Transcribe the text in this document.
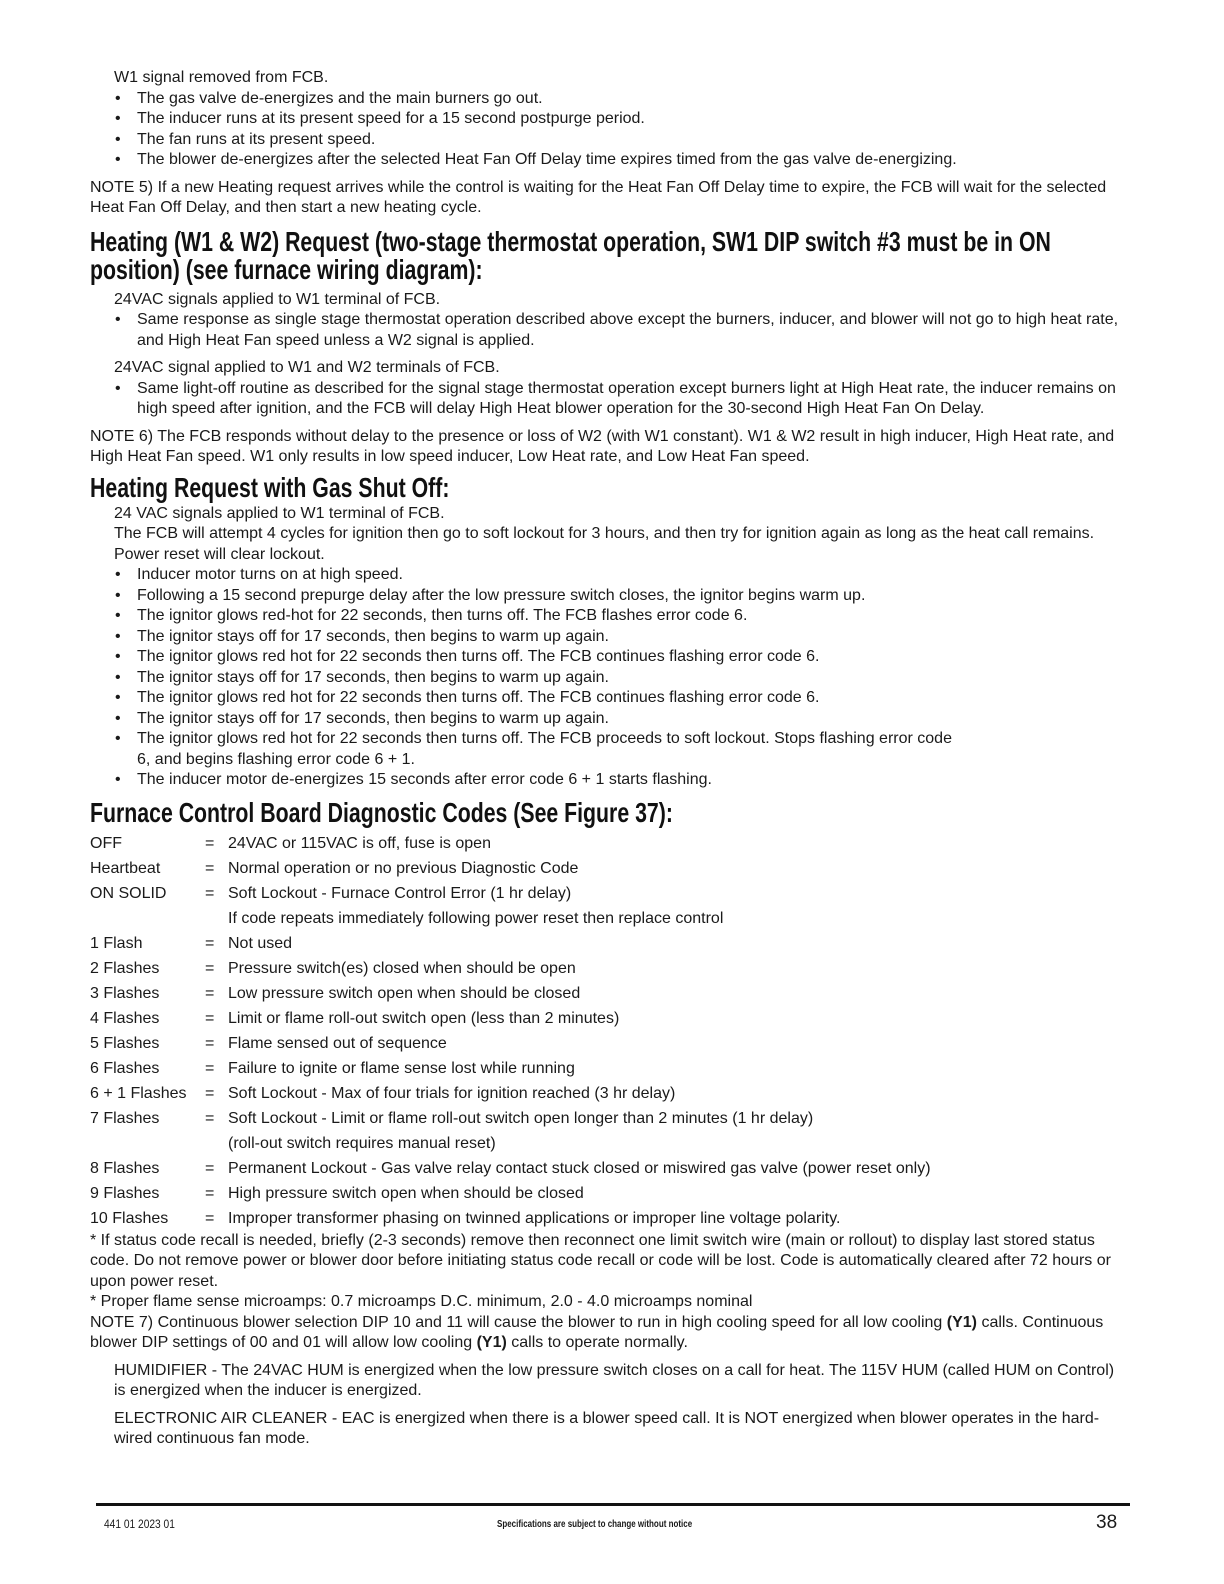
W1 signal removed from FCB.

• The gas valve de-energizes and the main burners go out.
• The inducer runs at its present speed for a 15 second postpurge period.
• The fan runs at its present speed.
• The blower de-energizes after the selected Heat Fan Off Delay time expires timed from the gas valve de-energizing.

NOTE 5) If a new Heating request arrives while the control is waiting for the Heat Fan Off Delay time to expire, the FCB will wait for the selected Heat Fan Off Delay, and then start a new heating cycle.

Heating (W1 & W2) Request (two-stage thermostat operation, SW1 DIP switch #3 must be in ON
position) (see furnace wiring diagram):

24VAC signals applied to W1 terminal of FCB.

• Same response as single stage thermostat operation described above except the burners, inducer, and blower will not go to high heat rate, and High Heat Fan speed unless a W2 signal is applied.

24VAC signal applied to W1 and W2 terminals of FCB.

• Same light-off routine as described for the signal stage thermostat operation except burners light at High Heat rate, the inducer remains on high speed after ignition, and the FCB will delay High Heat blower operation for the 30-second High Heat Fan On Delay.

NOTE 6) The FCB responds without delay to the presence or loss of W2 (with W1 constant). W1 & W2 result in high inducer, High Heat rate, and High Heat Fan speed. W1 only results in low speed inducer, Low Heat rate, and Low Heat Fan speed.

Heating Request with Gas Shut Off:

24 VAC signals applied to W1 terminal of FCB.

The FCB will attempt 4 cycles for ignition then go to soft lockout for 3 hours, and then try for ignition again as long as the heat call remains. Power reset will clear lockout.

• Inducer motor turns on at high speed.
• Following a 15 second prepurge delay after the low pressure switch closes, the ignitor begins warm up.
• The ignitor glows red-hot for 22 seconds, then turns off. The FCB flashes error code 6.
• The ignitor stays off for 17 seconds, then begins to warm up again.
• The ignitor glows red hot for 22 seconds then turns off. The FCB continues flashing error code 6.
• The ignitor stays off for 17 seconds, then begins to warm up again.
• The ignitor glows red hot for 22 seconds then turns off. The FCB continues flashing error code 6.
• The ignitor stays off for 17 seconds, then begins to warm up again.
• The ignitor glows red hot for 22 seconds then turns off. The FCB proceeds to soft lockout. Stops flashing error code 6, and begins flashing error code 6 + 1.
• The inducer motor de-energizes 15 seconds after error code 6 + 1 starts flashing.
Furnace Control Board Diagnostic Codes (See Figure 37):
OFF	=	24VAC or 115VAC is off, fuse is open

Heartbeat	=	Normal operation or no previous Diagnostic Code

ON SOLID	=	Soft Lockout - Furnace Control Error (1 hr delay)
If code repeats immediately following power reset then replace control

1 Flash	=	Not used

2 Flashes	=	Pressure switch(es) closed when should be open

3 Flashes	=	Low pressure switch open when should be closed

4 Flashes	=	Limit or flame roll-out switch open (less than 2 minutes)

5 Flashes	=	Flame sensed out of sequence

6 Flashes	=	Failure to ignite or flame sense lost while running

6 + 1 Flashes	=	Soft Lockout - Max of four trials for ignition reached (3 hr delay)

7 Flashes	=	Soft Lockout - Limit or flame roll-out switch open longer than 2 minutes (1 hr delay)
(roll-out switch requires manual reset)

8 Flashes	=	Permanent Lockout - Gas valve relay contact stuck closed or miswired gas valve (power reset only)

9 Flashes	=	High pressure switch open when should be closed

10 Flashes	=	Improper transformer phasing on twinned applications or improper line voltage polarity.

* If status code recall is needed, briefly (2-3 seconds) remove then reconnect one limit switch wire (main or rollout) to display last stored status code. Do not remove power or blower door before initiating status code recall or code will be lost. Code is automatically cleared after 72 hours or upon power reset.

* Proper flame sense microamps: 0.7 microamps D.C. minimum, 2.0 - 4.0 microamps nominal

NOTE 7) Continuous blower selection DIP 10 and 11 will cause the blower to run in high cooling speed for all low cooling (Y1) calls. Continuous blower DIP settings of 00 and 01 will allow low cooling (Y1) calls to operate normally.

HUMIDIFIER - The 24VAC HUM is energized when the low pressure switch closes on a call for heat. The 115V HUM (called HUM on Control) is energized when the inducer is energized.

ELECTRONIC AIR CLEANER - EAC is energized when there is a blower speed call. It is NOT energized when blower operates in the hard-wired continuous fan mode.

441 01 2023 01	Specifications are subject to change without notice	38
